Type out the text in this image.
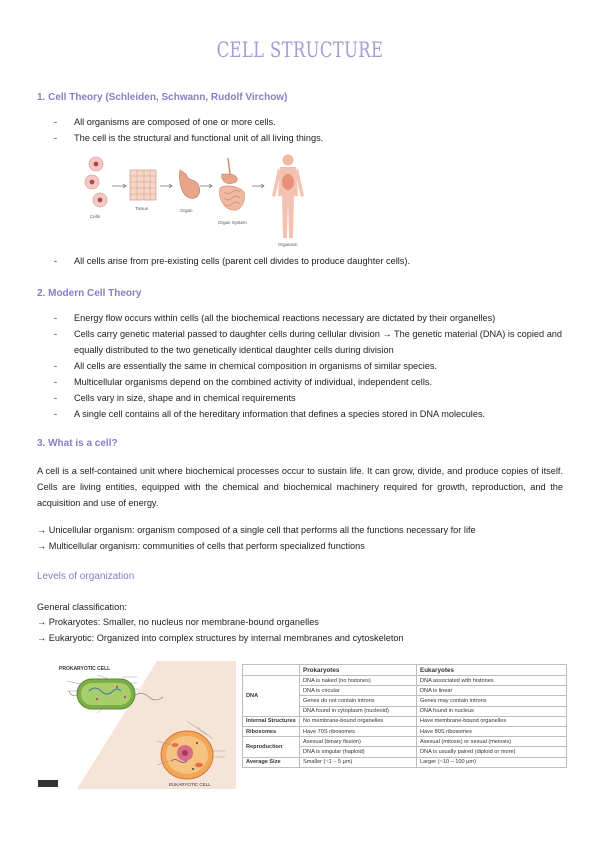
CELL STRUCTURE
1. Cell Theory (Schleiden, Schwann, Rudolf Virchow)
- All organisms are composed of one or more cells.
- The cell is the structural and functional unit of all living things.
Cells
Tissue	Organ
Organ System
Organism
- All cells arise from pre-existing cells (parent cell divides to produce daughter cells).
2. Modern Cell Theory
- Energy flow occurs within cells (all the biochemical reactions necessary are dictated by their organelles)
- Cells carry genetic material passed to daughter cells during cellular division → The genetic material (DNA) is copied and equally distributed to the two genetically identical daughter cells during division
- All cells are essentially the same in chemical composition in organisms of similar species.
- Multicellular organisms depend on the combined activity of individual, independent cells.
- Cells vary in size, shape and in chemical requirements
- A single cell contains all of the hereditary information that defines a species stored in DNA molecules.
3. What is a cell?
A cell is a self-contained unit where biochemical processes occur to sustain life. It can grow, divide, and produce copies of itself. Cells are living entities, equipped with the chemical and biochemical machinery required for growth, reproduction, and the acquisition and use of energy.
→ Unicellular organism: organism composed of a single cell that performs all the functions necessary for life
→ Multicellular organism: communities of cells that perform specialized functions
Levels of organization
General classification:
→ Prokaryotes: Smaller, no nucleus nor membrane-bound organelles
→ Eukaryotic: Organized into complex structures by internal membranes and cytoskeleton
PROKARYOTIC CELL
EUKARYOTIC CELL
	Prokaryotes	Eukaryotes
DNA	DNA is naked (no histones)	DNA associated with histones
	DNA is circular	DNA is linear
	Genes do not contain introns	Genes may contain introns
	DNA found in cytoplasm (nucleoid)	DNA found in nucleus
Internal Structures	No membrane-bound organelles	Have membrane-bound organelles
Ribosomes	Have 70S ribosomes	Have 80S ribosomes
Reproduction	Asexual (binary fission)	Asexual (mitosis) or sexual (meiosis)
	DNA is singular (haploid)	DNA is usually paired (diploid or more)
Average Size	Smaller (~1 – 5 µm)	Larger (~10 – 100 µm)
